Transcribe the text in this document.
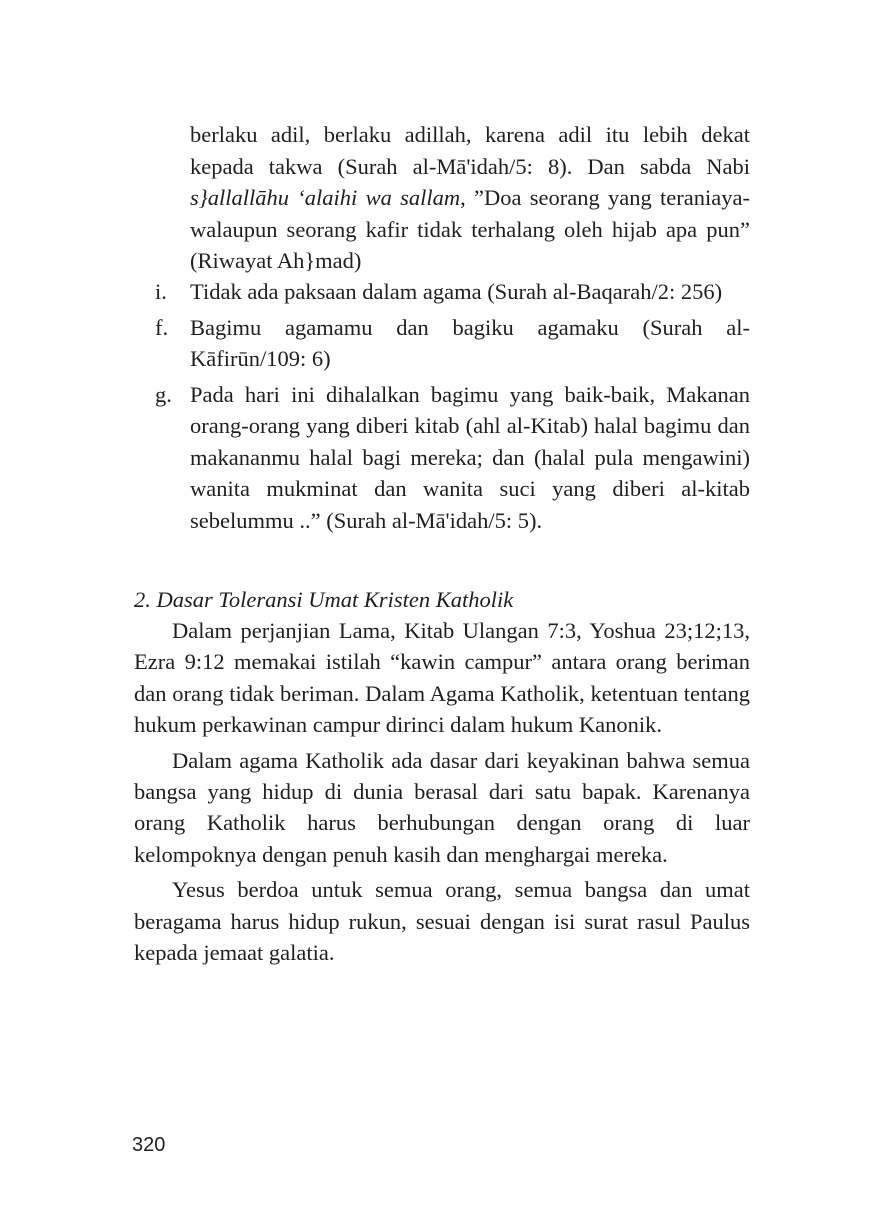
berlaku adil, berlaku adillah, karena adil itu lebih dekat kepada takwa (Surah al-Mā'idah/5: 8). Dan sabda Nabi s}allallāhu ‘alaihi wa sallam, ”Doa seorang yang teraniaya-walaupun seorang kafir tidak terhalang oleh hijab apa pun” (Riwayat Ah}mad)

i.	Tidak ada paksaan dalam agama (Surah al-Baqarah/2: 256)
f. Bagimu agamamu dan bagiku agamaku (Surah al-Kāfirūn/109: 6)
g. Pada hari ini dihalalkan bagimu yang baik-baik, Makanan orang-orang yang diberi kitab (ahl al-Kitab) halal bagimu dan makananmu halal bagi mereka; dan (halal pula mengawini) wanita mukminat dan wanita suci yang diberi al-kitab sebelummu ..” (Surah al-Mā'idah/5: 5).
2. Dasar Toleransi Umat Kristen Katholik

Dalam perjanjian Lama, Kitab Ulangan 7:3, Yoshua 23;12;13, Ezra 9:12 memakai istilah “kawin campur” antara orang beriman dan orang tidak beriman. Dalam Agama Katholik, ketentuan tentang hukum perkawinan campur dirinci dalam hukum Kanonik.

Dalam agama Katholik ada dasar dari keyakinan bahwa semua bangsa yang hidup di dunia berasal dari satu bapak. Karenanya orang Katholik harus berhubungan dengan orang di luar kelompoknya dengan penuh kasih dan menghargai mereka.

Yesus berdoa untuk semua orang, semua bangsa dan umat beragama harus hidup rukun, sesuai dengan isi surat rasul Paulus kepada jemaat galatia.

320
